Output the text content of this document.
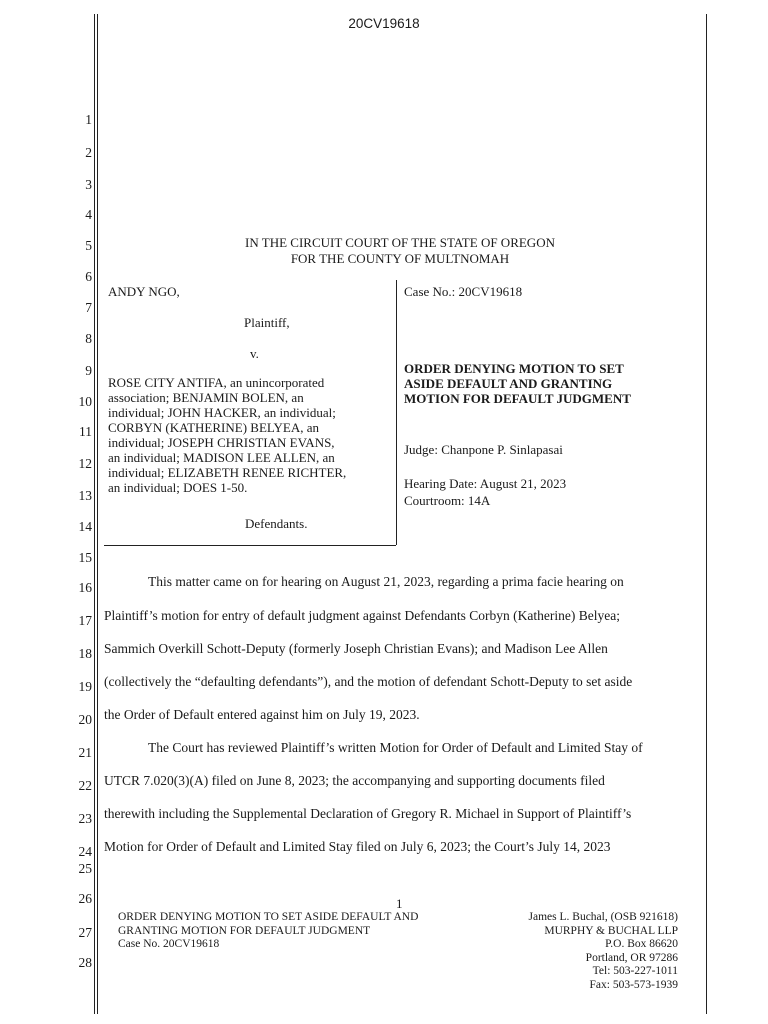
20CV19618
1
2
3
4
5
6
7
8
9
10
11
12
13
14
15
16
17
18
19
20
21
22
23
24
25
26
27
28
IN THE CIRCUIT COURT OF THE STATE OF OREGON
FOR THE COUNTY OF MULTNOMAH
ANDY NGO,
Plaintiff,
v.
ROSE CITY ANTIFA, an unincorporated
association; BENJAMIN BOLEN, an
individual; JOHN HACKER, an individual;
CORBYN (KATHERINE) BELYEA, an
individual; JOSEPH CHRISTIAN EVANS,
an individual; MADISON LEE ALLEN, an
individual; ELIZABETH RENEE RICHTER,
an individual; DOES 1-50.
Defendants.
Case No.: 20CV19618
ORDER DENYING MOTION TO SET
ASIDE DEFAULT AND GRANTING
MOTION FOR DEFAULT JUDGMENT
Judge: Chanpone P. Sinlapasai
Hearing Date: August 21, 2023
Courtroom: 14A
This matter came on for hearing on August 21, 2023, regarding a prima facie hearing on
Plaintiff’s motion for entry of default judgment against Defendants Corbyn (Katherine) Belyea;
Sammich Overkill Schott-Deputy (formerly Joseph Christian Evans); and Madison Lee Allen
(collectively the “defaulting defendants”), and the motion of defendant Schott-Deputy to set aside
the Order of Default entered against him on July 19, 2023.
The Court has reviewed Plaintiff’s written Motion for Order of Default and Limited Stay of
UTCR 7.020(3)(A) filed on June 8, 2023; the accompanying and supporting documents filed
therewith including the Supplemental Declaration of Gregory R. Michael in Support of Plaintiff’s
Motion for Order of Default and Limited Stay filed on July 6, 2023; the Court’s July 14, 2023
1
ORDER DENYING MOTION TO SET ASIDE DEFAULT AND
GRANTING MOTION FOR DEFAULT JUDGMENT
Case No. 20CV19618
James L. Buchal, (OSB 921618)
MURPHY & BUCHAL LLP
P.O. Box 86620
Portland, OR 97286
Tel: 503-227-1011
Fax: 503-573-1939
